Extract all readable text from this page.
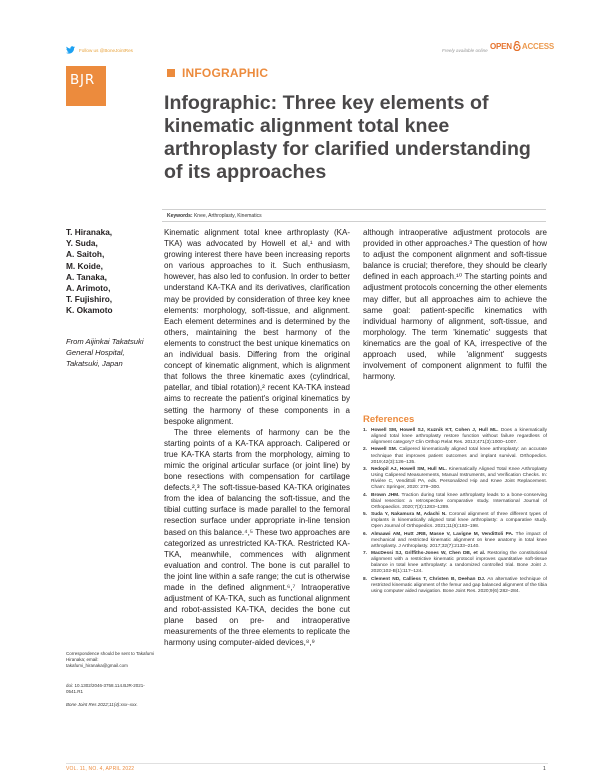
Follow us @BoneJointRes	Freely available online OPEN ACCESS
BJR	INFOGRAPHIC
Infographic: Three key elements of kinematic alignment total knee arthroplasty for clarified understanding of its approaches
Keywords: Knee, Arthroplasty, Kinematics
T. Hiranaka,
Y. Suda,
A. Saitoh,
M. Koide,
A. Tanaka,
A. Arimoto,
T. Fujishiro,
K. Okamoto
From Aijinkai Takatsuki General Hospital, Takatsuki, Japan
Correspondence should be sent to Takafumi Hiranaka; email: takafumi_hiranaka@gmail.com
doi: 10.1302/2046-3758.114.BJR-2021-0541.R1
Bone Joint Res 2022;11(4):xxx–xxx.

Kinematic alignment total knee arthroplasty (KA-TKA) was advocated by Howell et al,¹ and with growing interest there have been increasing reports on various approaches to it. Such enthusiasm, however, has also led to confusion. In order to better understand KA-TKA and its derivatives, clarification may be provided by consideration of three key knee elements: morphology, soft-tissue, and alignment. Each element determines and is determined by the others, maintaining the best harmony of the elements to construct the best unique kinematics on an individual basis. Differing from the original concept of kinematic alignment, which is alignment that follows the three kinematic axes (cylindrical, patellar, and tibial rotation),² recent KA-TKA instead aims to recreate the patient's original kinematics by setting the harmony of these components in a bespoke alignment.

The three elements of harmony can be the starting points of a KA-TKA approach. Calipered or true KA-TKA starts from the morphology, aiming to mimic the original articular surface (or joint line) by bone resections with compensation for cartilage defects.²,³ The soft-tissue-based KA-TKA originates from the idea of balancing the soft-tissue, and the tibial cutting surface is made parallel to the femoral resection surface under appropriate in-line tension based on this balance.⁴,⁵ These two approaches are categorized as unrestricted KA-TKA. Restricted KA-TKA, meanwhile, commences with alignment evaluation and control. The bone is cut parallel to the joint line within a safe range; the cut is otherwise made in the defined alignment.⁶,⁷ Intraoperative adjustment of KA-TKA, such as functional alignment and robot-assisted KA-TKA, decides the bone cut plane based on pre- and intraoperative measurements of the three elements to replicate the harmony using computer-aided devices,⁸,⁹

although intraoperative adjustment protocols are provided in other approaches.³ The question of how to adjust the component alignment and soft-tissue balance is crucial; therefore, they should be clearly defined in each approach.¹⁰ The starting points and adjustment protocols concerning the other elements may differ, but all approaches aim to achieve the same goal: patient-specific kinematics with individual harmony of alignment, soft-tissue, and morphology. The term 'kinematic' suggests that kinematics are the goal of KA, irrespective of the approach used, while 'alignment' suggests involvement of component alignment to fulfil the harmony.

References
1. Howell SM, Howell SJ, Kuznik KT, Cohen J, Hull ML. Does a kinematically aligned total knee arthroplasty restore function without failure regardless of alignment category? Clin Orthop Relat Res. 2013;471(3):1000–1007.
2. Howell SM. Calipered kinematically aligned total knee arthroplasty: an accurate technique that improves patient outcomes and implant survival. Orthopedics. 2019;42(3):126–135.
3. Nedopil AJ, Howell SM, Hull ML. Kinematically Aligned Total Knee Arthroplasty Using Calipered Measurements, Manual Instruments, and Verification Checks. In: Rivière C, Vendittoli PA, eds. Personalized Hip and Knee Joint Replacement. Cham: Springer, 2020: 279–300.
4. Brown JHM. Traction during total knee arthroplasty leads to a bone-conserving tibial resection: a retrospective comparative study. International Journal of Orthopaedics. 2020;7(3):1283–1289.
5. Suda Y, Nakamura M, Adachi N. Coronal alignment of three different types of implants in kinematically aligned total knee arthroplasty: a comparative study. Open Journal of Orthopedics. 2021;11(6):183–198.
6. Almaawi AM, Hutt JRB, Masse V, Lavigne M, Vendittoli PA. The impact of mechanical and restricted kinematic alignment on knee anatomy in total knee arthroplasty. J Arthroplasty. 2017;32(7):2133–2140.
7. MacDessi SJ, Griffiths-Jones W, Chen DB, et al. Restoring the constitutional alignment with a restrictive kinematic protocol improves quantitative soft-tissue balance in total knee arthroplasty: a randomized controlled trial. Bone Joint J. 2020;102-B(1):117–124.
8. Clement ND, Calliess T, Christen B, Deehan DJ. An alternative technique of restricted kinematic alignment of the femur and gap balanced alignment of the tibia using computer aided navigation. Bone Joint Res. 2020;9(6):282–284.
VOL. 11, NO. 4, APRIL 2022	1
